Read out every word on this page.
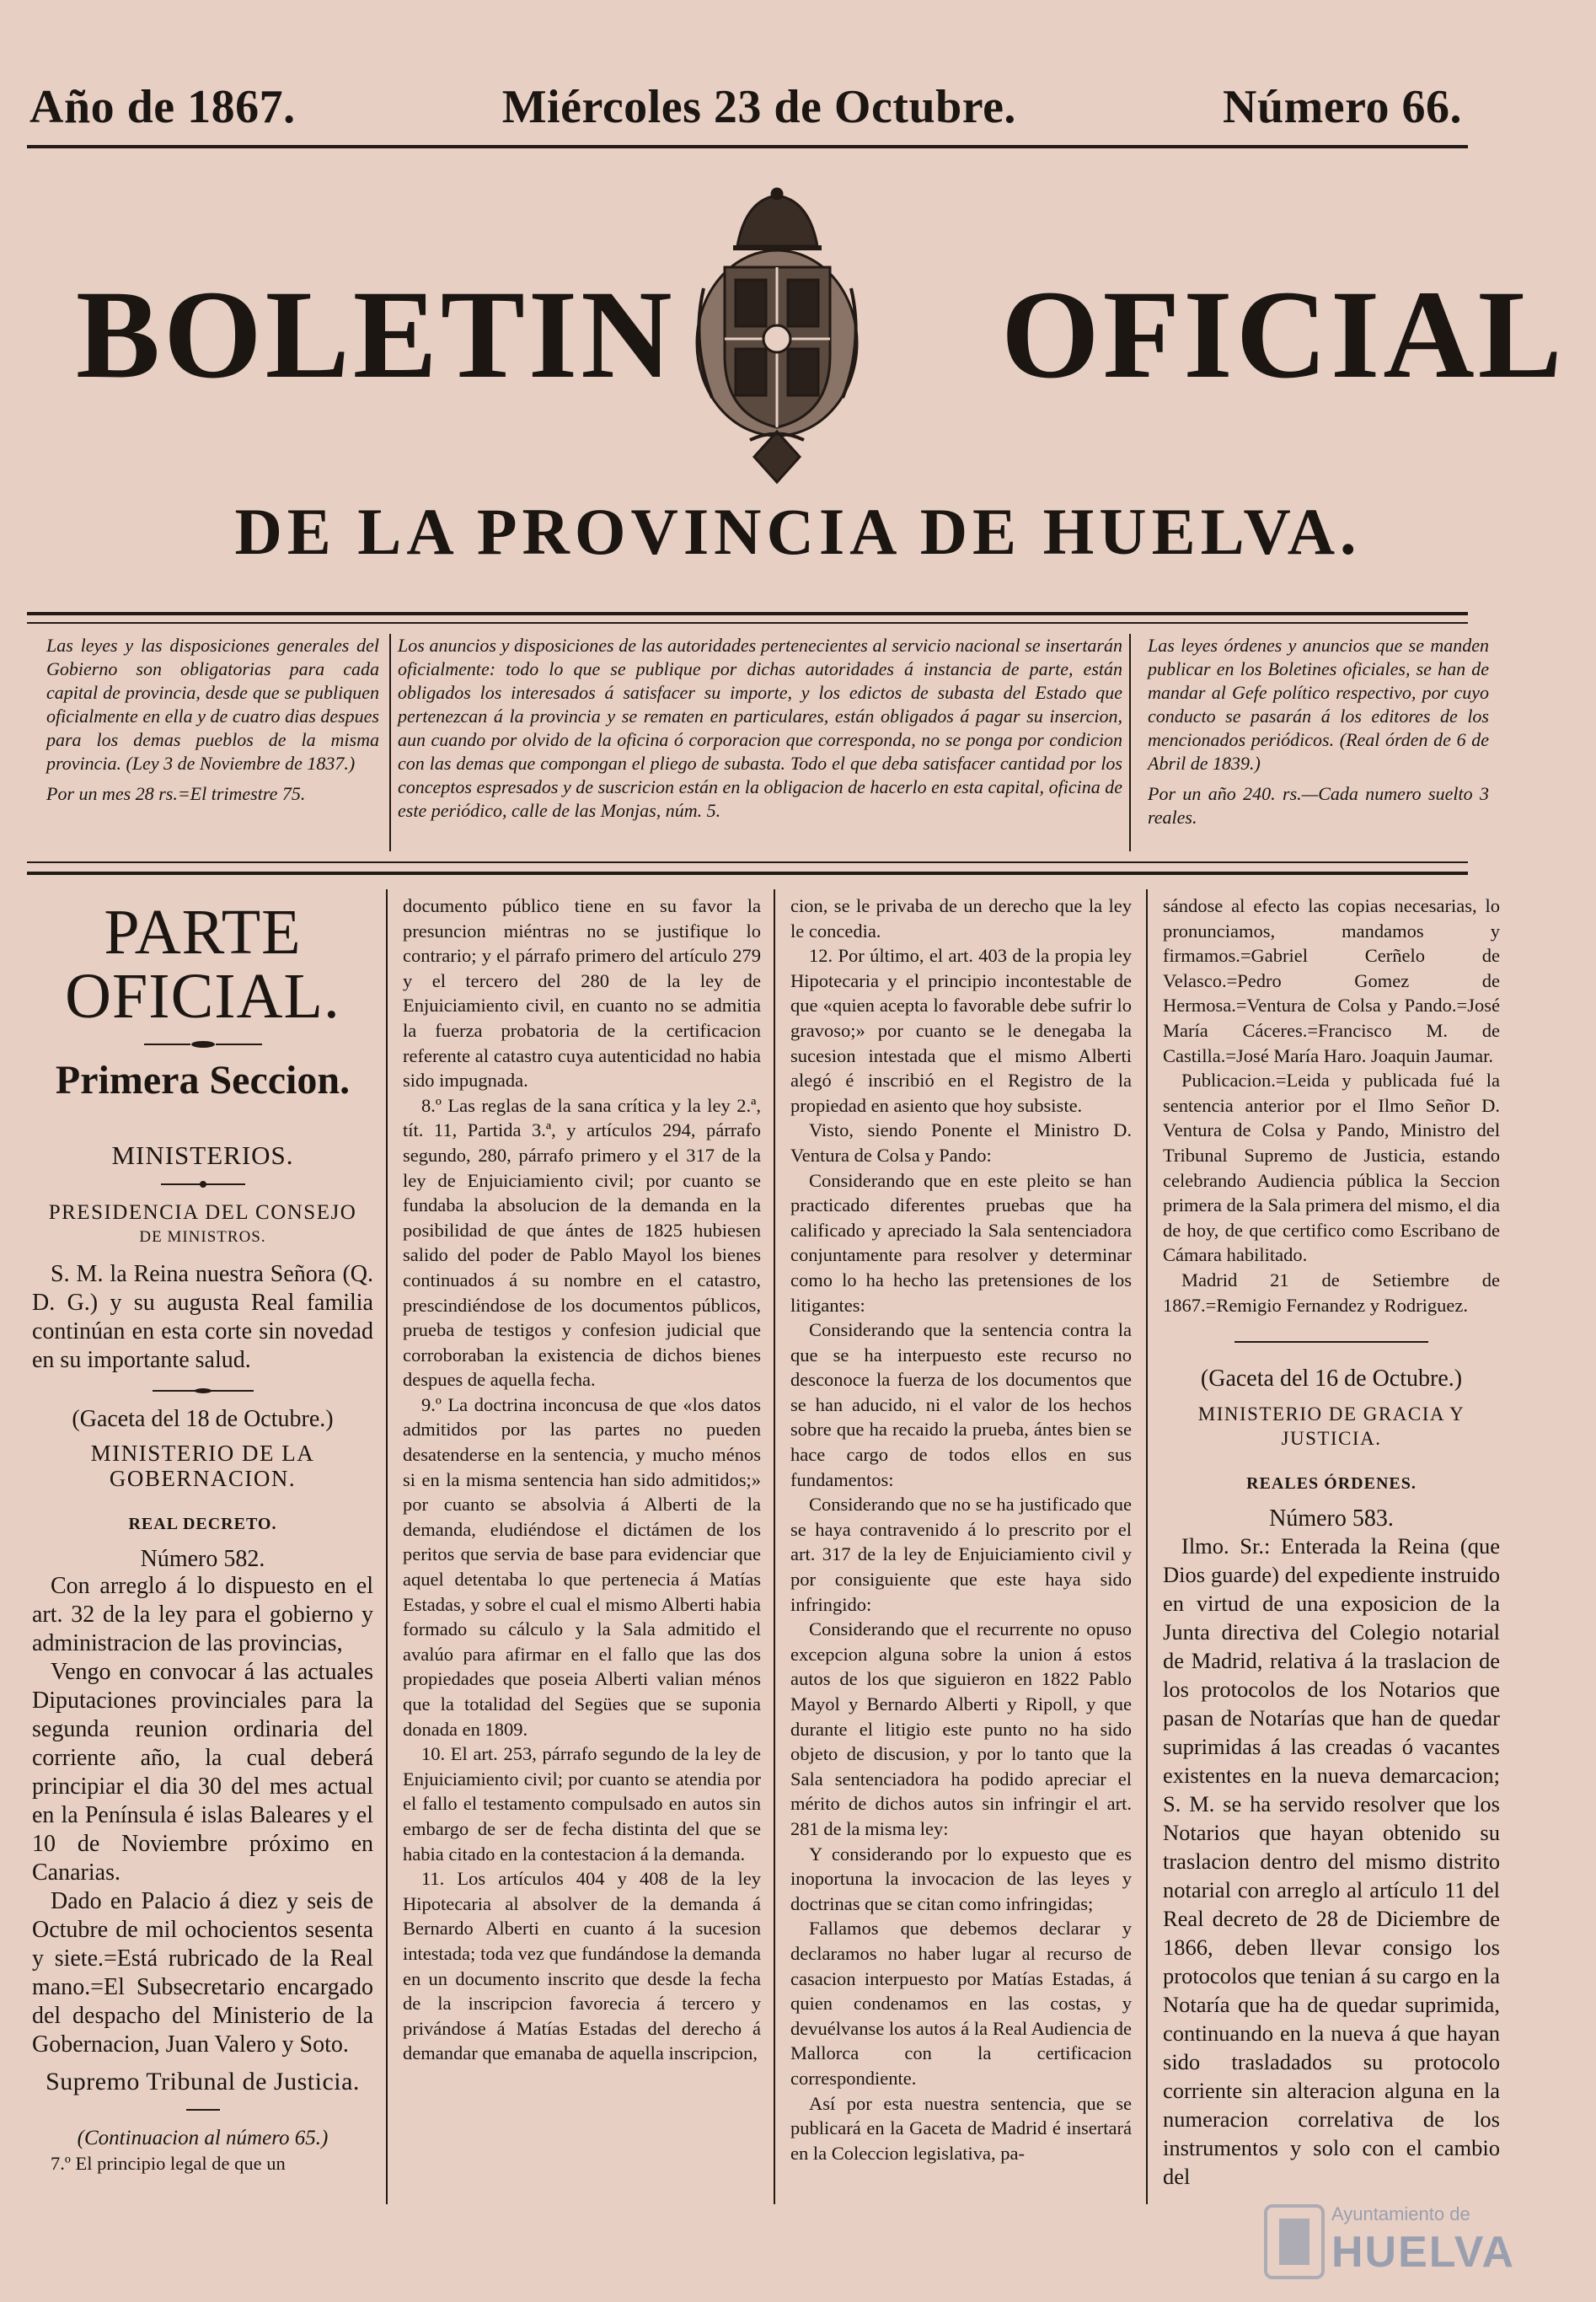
Año de 1867.	Miércoles 23 de Octubre.	Número 66.
BOLETIN	OFICIAL
DE LA PROVINCIA DE HUELVA.

Las leyes y las disposiciones generales del Gobierno son obligatorias para cada capital de provincia, desde que se publiquen oficialmente en ella y de cuatro dias despues para los demas pueblos de la misma provincia. (Ley 3 de Noviembre de 1837.)

Por un mes 28 rs.=El trimestre 75.

Los anuncios y disposiciones de las autoridades pertenecientes al servicio nacional se insertarán oficialmente: todo lo que se publique por dichas autoridades á instancia de parte, están obligados los interesados á satisfacer su importe, y los edictos de subasta del Estado que pertenezcan á la provincia y se rematen en particulares, están obligados á pagar su insercion, aun cuando por olvido de la oficina ó corporacion que corresponda, no se ponga por condicion con las demas que compongan el pliego de subasta. Todo el que deba satisfacer cantidad por los conceptos espresados y de suscricion están en la obligacion de hacerlo en esta capital, oficina de este periódico, calle de las Monjas, núm. 5.

Las leyes órdenes y anuncios que se manden publicar en los Boletines oficiales, se han de mandar al Gefe político respectivo, por cuyo conducto se pasarán á los editores de los mencionados periódicos. (Real órden de 6 de Abril de 1839.)

Por un año 240. rs.—Cada numero suelto 3 reales.

PARTE OFICIAL.
Primera Seccion.
MINISTERIOS.
PRESIDENCIA DEL CONSEJO
DE MINISTROS.

S. M. la Reina nuestra Señora (Q. D. G.) y su augusta Real familia continúan en esta corte sin novedad en su importante salud.

(Gaceta del 18 de Octubre.)
MINISTERIO DE LA GOBERNACION.
REAL DECRETO.
Número 582.

Con arreglo á lo dispuesto en el art. 32 de la ley para el gobierno y administracion de las provincias,

Vengo en convocar á las actuales Diputaciones provinciales para la segunda reunion ordinaria del corriente año, la cual deberá principiar el dia 30 del mes actual en la Península é islas Baleares y el 10 de Noviembre próximo en Canarias.

Dado en Palacio á diez y seis de Octubre de mil ochocientos sesenta y siete.=Está rubricado de la Real mano.=El Subsecretario encargado del despacho del Ministerio de la Gobernacion, Juan Valero y Soto.

Supremo Tribunal de Justicia.
(Continuacion al número 65.)

7.º El principio legal de que un

documento público tiene en su favor la presuncion miéntras no se justifique lo contrario; y el párrafo primero del artículo 279 y el tercero del 280 de la ley de Enjuiciamiento civil, en cuanto no se admitia la fuerza probatoria de la certificacion referente al catastro cuya autenticidad no habia sido impugnada.

8.º Las reglas de la sana crítica y la ley 2.ª, tít. 11, Partida 3.ª, y artículos 294, párrafo segundo, 280, párrafo primero y el 317 de la ley de Enjuiciamiento civil; por cuanto se fundaba la absolucion de la demanda en la posibilidad de que ántes de 1825 hubiesen salido del poder de Pablo Mayol los bienes continuados á su nombre en el catastro, prescindiéndose de los documentos públicos, prueba de testigos y confesion judicial que corroboraban la existencia de dichos bienes despues de aquella fecha.

9.º La doctrina inconcusa de que «los datos admitidos por las partes no pueden desatenderse en la sentencia, y mucho ménos si en la misma sentencia han sido admitidos;» por cuanto se absolvia á Alberti de la demanda, eludiéndose el dictámen de los peritos que servia de base para evidenciar que aquel detentaba lo que pertenecia á Matías Estadas, y sobre el cual el mismo Alberti habia formado su cálculo y la Sala admitido el avalúo para afirmar en el fallo que las dos propiedades que poseia Alberti valian ménos que la totalidad del Segües que se suponia donada en 1809.

10. El art. 253, párrafo segundo de la ley de Enjuiciamiento civil; por cuanto se atendia por el fallo el testamento compulsado en autos sin embargo de ser de fecha distinta del que se habia citado en la contestacion á la demanda.

11. Los artículos 404 y 408 de la ley Hipotecaria al absolver de la demanda á Bernardo Alberti en cuanto á la sucesion intestada; toda vez que fundándose la demanda en un documento inscrito que desde la fecha de la inscripcion favorecia á tercero y privándose á Matías Estadas del derecho á demandar que emanaba de aquella inscripcion,

cion, se le privaba de un derecho que la ley le concedia.

12. Por último, el art. 403 de la propia ley Hipotecaria y el principio incontestable de que «quien acepta lo favorable debe sufrir lo gravoso;» por cuanto se le denegaba la sucesion intestada que el mismo Alberti alegó é inscribió en el Registro de la propiedad en asiento que hoy subsiste.

Visto, siendo Ponente el Ministro D. Ventura de Colsa y Pando:

Considerando que en este pleito se han practicado diferentes pruebas que ha calificado y apreciado la Sala sentenciadora conjuntamente para resolver y determinar como lo ha hecho las pretensiones de los litigantes:

Considerando que la sentencia contra la que se ha interpuesto este recurso no desconoce la fuerza de los documentos que se han aducido, ni el valor de los hechos sobre que ha recaido la prueba, ántes bien se hace cargo de todos ellos en sus fundamentos:

Considerando que no se ha justificado que se haya contravenido á lo prescrito por el art. 317 de la ley de Enjuiciamiento civil y por consiguiente que este haya sido infringido:

Considerando que el recurrente no opuso excepcion alguna sobre la union á estos autos de los que siguieron en 1822 Pablo Mayol y Bernardo Alberti y Ripoll, y que durante el litigio este punto no ha sido objeto de discusion, y por lo tanto que la Sala sentenciadora ha podido apreciar el mérito de dichos autos sin infringir el art. 281 de la misma ley:

Y considerando por lo expuesto que es inoportuna la invocacion de las leyes y doctrinas que se citan como infringidas;

Fallamos que debemos declarar y declaramos no haber lugar al recurso de casacion interpuesto por Matías Estadas, á quien condenamos en las costas, y devuélvanse los autos á la Real Audiencia de Mallorca con la certificacion correspondiente.

Así por esta nuestra sentencia, que se publicará en la Gaceta de Madrid é insertará en la Coleccion legislativa, pa-

sándose al efecto las copias necesarias, lo pronunciamos, mandamos y firmamos.=Gabriel Cerñelo de Velasco.=Pedro Gomez de Hermosa.=Ventura de Colsa y Pando.=José María Cáceres.=Francisco M. de Castilla.=José María Haro. Joaquin Jaumar.

Publicacion.=Leida y publicada fué la sentencia anterior por el Ilmo Señor D. Ventura de Colsa y Pando, Ministro del Tribunal Supremo de Justicia, estando celebrando Audiencia pública la Seccion primera de la Sala primera del mismo, el dia de hoy, de que certifico como Escribano de Cámara habilitado.

Madrid 21 de Setiembre de 1867.=Remigio Fernandez y Rodriguez.

(Gaceta del 16 de Octubre.)
MINISTERIO DE GRACIA Y JUSTICIA.
REALES ÓRDENES.
Número 583.

Ilmo. Sr.: Enterada la Reina (que Dios guarde) del expediente instruido en virtud de una exposicion de la Junta directiva del Colegio notarial de Madrid, relativa á la traslacion de los protocolos de los Notarios que pasan de Notarías que han de quedar suprimidas á las creadas ó vacantes existentes en la nueva demarcacion; S. M. se ha servido resolver que los Notarios que hayan obtenido su traslacion dentro del mismo distrito notarial con arreglo al artículo 11 del Real decreto de 28 de Diciembre de 1866, deben llevar consigo los protocolos que tenian á su cargo en la Notaría que ha de quedar suprimida, continuando en la nueva á que hayan sido trasladados su protocolo corriente sin alteracion alguna en la numeracion correlativa de los instrumentos y solo con el cambio del

Ayuntamiento de
HUELVA
